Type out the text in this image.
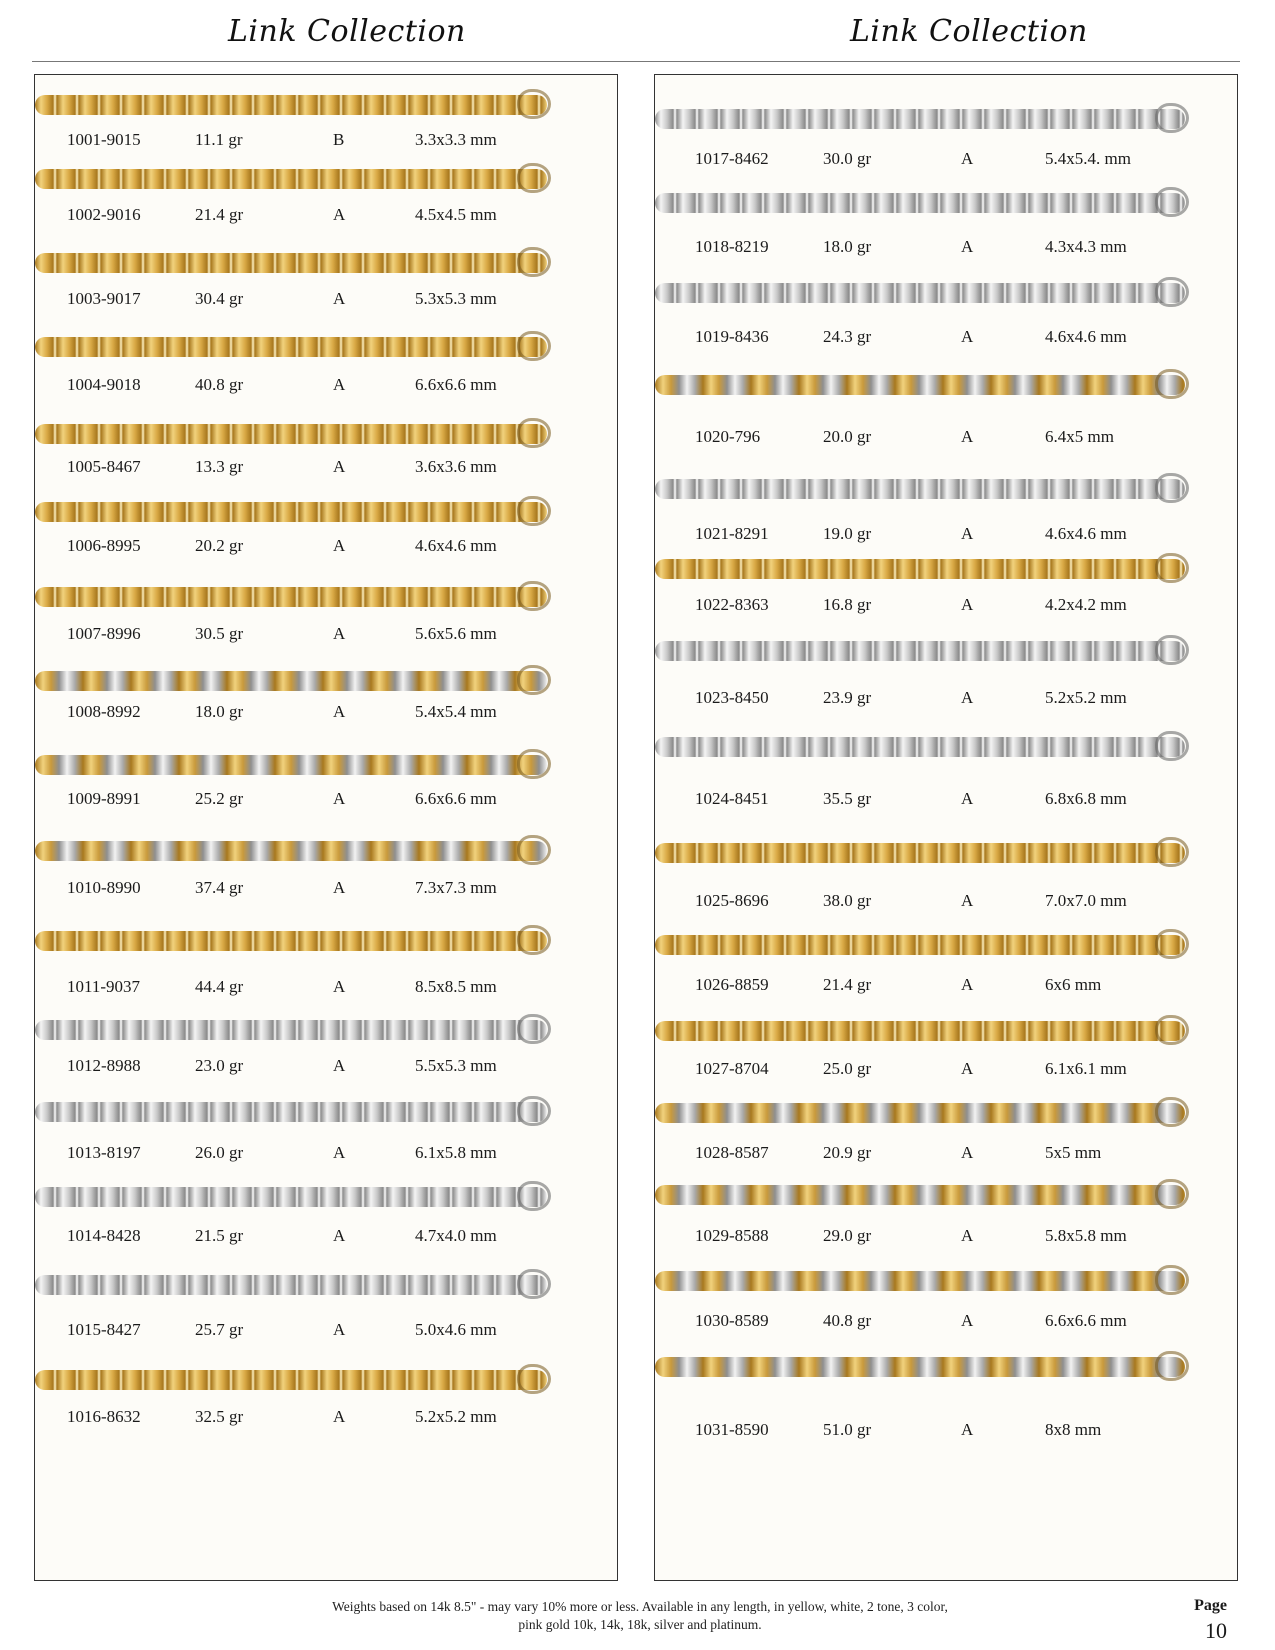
Link Collection	Link Collection
1001-9015	11.1 gr	B	3.3x3.3 mm
1002-9016	21.4 gr	A	4.5x4.5 mm
1003-9017	30.4 gr	A	5.3x5.3 mm
1004-9018	40.8 gr	A	6.6x6.6 mm
1005-8467	13.3 gr	A	3.6x3.6 mm
1006-8995	20.2 gr	A	4.6x4.6 mm
1007-8996	30.5 gr	A	5.6x5.6 mm
1008-8992	18.0 gr	A	5.4x5.4 mm
1009-8991	25.2 gr	A	6.6x6.6 mm
1010-8990	37.4 gr	A	7.3x7.3 mm
1011-9037	44.4 gr	A	8.5x8.5 mm
1012-8988	23.0 gr	A	5.5x5.3 mm
1013-8197	26.0 gr	A	6.1x5.8 mm
1014-8428	21.5 gr	A	4.7x4.0 mm
1015-8427	25.7 gr	A	5.0x4.6 mm
1016-8632	32.5 gr	A	5.2x5.2 mm
1017-8462	30.0 gr	A	5.4x5.4. mm
1018-8219	18.0 gr	A	4.3x4.3 mm
1019-8436	24.3 gr	A	4.6x4.6 mm
1020-796	20.0 gr	A	6.4x5 mm
1021-8291	19.0 gr	A	4.6x4.6 mm
1022-8363	16.8 gr	A	4.2x4.2 mm
1023-8450	23.9 gr	A	5.2x5.2 mm
1024-8451	35.5 gr	A	6.8x6.8 mm
1025-8696	38.0 gr	A	7.0x7.0 mm
1026-8859	21.4 gr	A	6x6 mm
1027-8704	25.0 gr	A	6.1x6.1 mm
1028-8587	20.9 gr	A	5x5 mm
1029-8588	29.0 gr	A	5.8x5.8 mm
1030-8589	40.8 gr	A	6.6x6.6 mm
1031-8590	51.0 gr	A	8x8 mm
Weights based on 14k 8.5" - may vary 10% more or less. Available in any length, in yellow, white, 2 tone, 3 color,
pink gold 10k, 14k, 18k, silver and platinum.
Page
10
